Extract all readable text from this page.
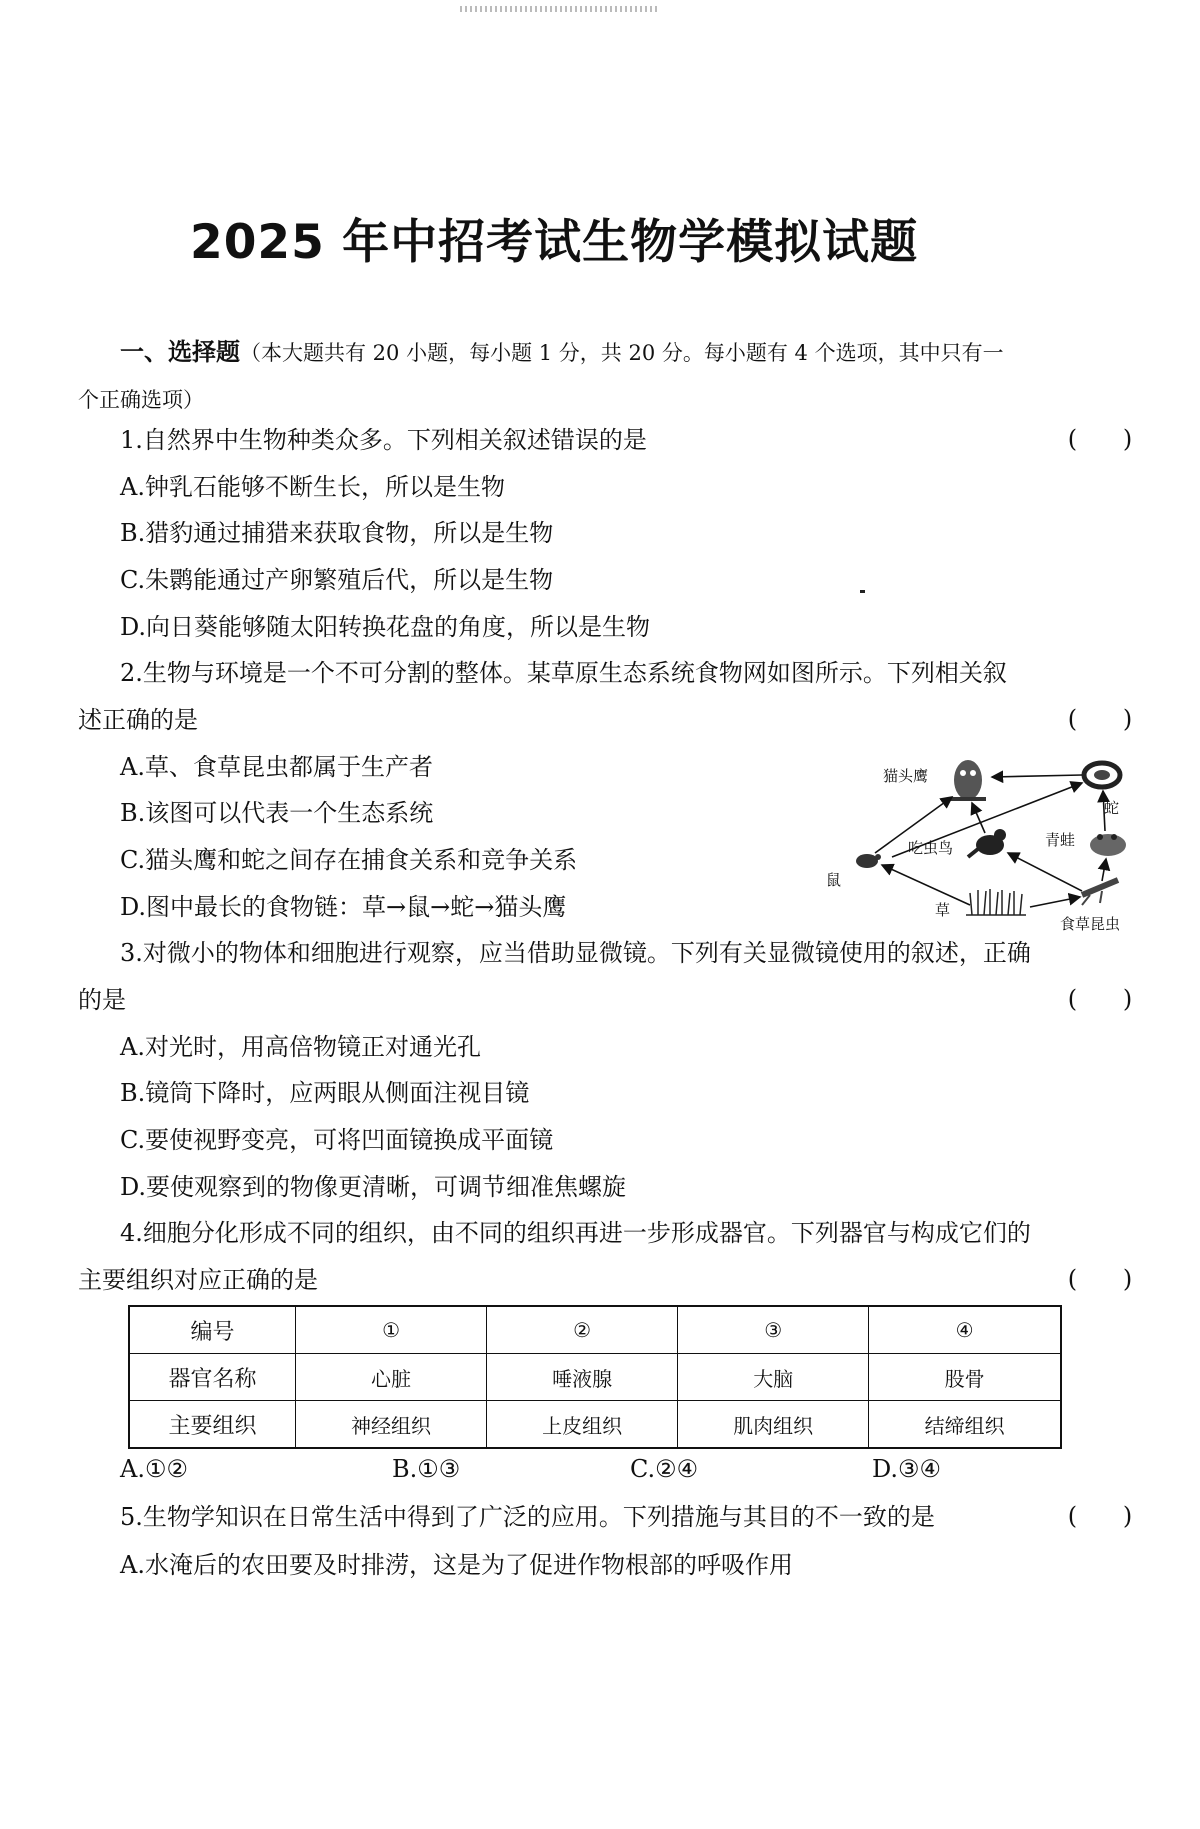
2025 年中招考试生物学模拟试题
一、选择题（本大题共有 20 小题，每小题 1 分，共 20 分。每小题有 4 个选项，其中只有一
个正确选项）
1.自然界中生物种类众多。下列相关叙述错误的是	(      )
A.钟乳石能够不断生长，所以是生物
B.猎豹通过捕猎来获取食物，所以是生物
C.朱鹮能通过产卵繁殖后代，所以是生物
D.向日葵能够随太阳转换花盘的角度，所以是生物
2.生物与环境是一个不可分割的整体。某草原生态系统食物网如图所示。下列相关叙
述正确的是	(      )
A.草、食草昆虫都属于生产者
B.该图可以代表一个生态系统
C.猫头鹰和蛇之间存在捕食关系和竞争关系
D.图中最长的食物链：草→鼠→蛇→猫头鹰
猫头鹰
蛇
吃虫鸟	青蛙
鼠
草
食草昆虫
3.对微小的物体和细胞进行观察，应当借助显微镜。下列有关显微镜使用的叙述，正确
的是	(      )
A.对光时，用高倍物镜正对通光孔
B.镜筒下降时，应两眼从侧面注视目镜
C.要使视野变亮，可将凹面镜换成平面镜
D.要使观察到的物像更清晰，可调节细准焦螺旋
4.细胞分化形成不同的组织，由不同的组织再进一步形成器官。下列器官与构成它们的
主要组织对应正确的是	(      )
编号	①	②	③	④
器官名称	心脏	唾液腺	大脑	股骨
主要组织	神经组织	上皮组织	肌肉组织	结缔组织
A.①②	B.①③	C.②④	D.③④
5.生物学知识在日常生活中得到了广泛的应用。下列措施与其目的不一致的是	(      )
A.水淹后的农田要及时排涝，这是为了促进作物根部的呼吸作用
